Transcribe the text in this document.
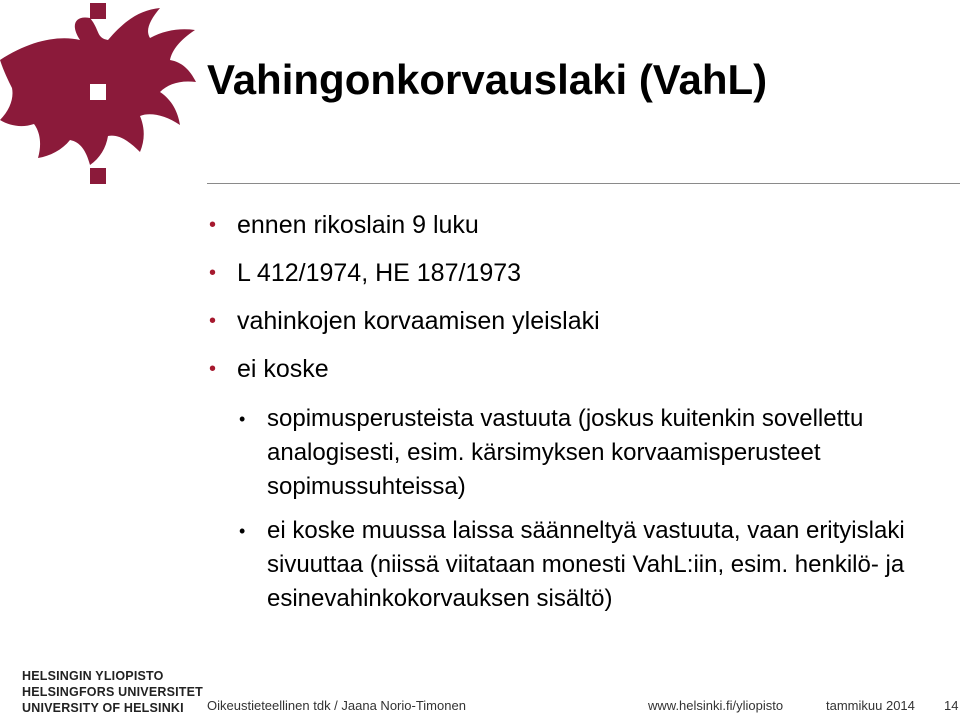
Vahingonkorvauslaki (VahL)
• ennen rikoslain 9 luku
• L 412/1974, HE 187/1973
• vahinkojen korvaamisen yleislaki
• ei koske
• sopimusperusteista vastuuta (joskus kuitenkin sovellettu analogisesti, esim. kärsimyksen korvaamisperusteet sopimussuhteissa)
• ei koske muussa laissa säänneltyä vastuuta, vaan erityislaki sivuuttaa (niissä viitataan monesti VahL:iin, esim. henkilö- ja esinevahinkokorvauksen sisältö)
HELSINGIN YLIOPISTO
HELSINGFORS UNIVERSITET
UNIVERSITY OF HELSINKI	Oikeustieteellinen tdk / Jaana Norio-Timonen	www.helsinki.fi/yliopisto	tammikuu 2014 14
